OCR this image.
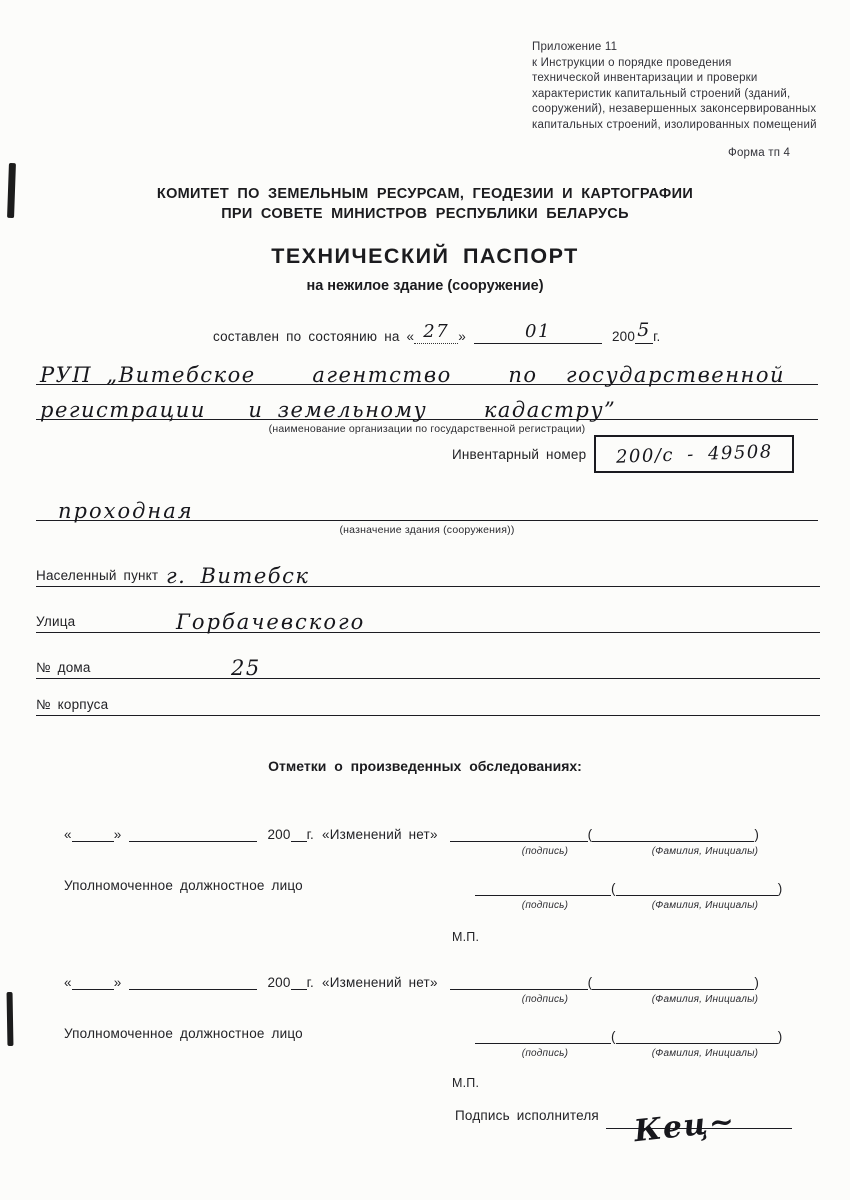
Приложение 11
к Инструкции о порядке проведения
технической инвентаризации и проверки
характеристик капитальный строений (зданий,
сооружений), незавершенных законсервированных
капитальных строений, изолированных помещений
Форма тп 4
КОМИТЕТ ПО ЗЕМЕЛЬНЫМ РЕСУРСАМ, ГЕОДЕЗИИ И КАРТОГРАФИИ
ПРИ СОВЕТЕ МИНИСТРОВ РЕСПУБЛИКИ БЕЛАРУСЬ
ТЕХНИЧЕСКИЙ ПАСПОРТ
на нежилое здание (сооружение)
составлен по состоянию на « 27 »	01	200 5 г.
РУП „Витебское    агентство    по  государственной
регистрации   и земельному    кадастру”
(наименование организации по государственной регистрации)
Инвентарный номер 200/с - 49508
проходная
(назначение здания (сооружения))
Населенный пункт г. Витебск
Улица	Горбачевского
№ дома	25
№ корпуса
Отметки о произведенных обследованиях:
«	»	200 г. «Изменений нет»	(	)
(подпись)	(Фамилия, Инициалы)
Уполномоченное должностное лицо	(	)
(подпись)	(Фамилия, Инициалы)
М.П.
«	»	200 г. «Изменений нет»	(	)
(подпись)	(Фамилия, Инициалы)
Уполномоченное должностное лицо	(	)
(подпись)	(Фамилия, Инициалы)
М.П.
Подпись исполнителя Кец~
